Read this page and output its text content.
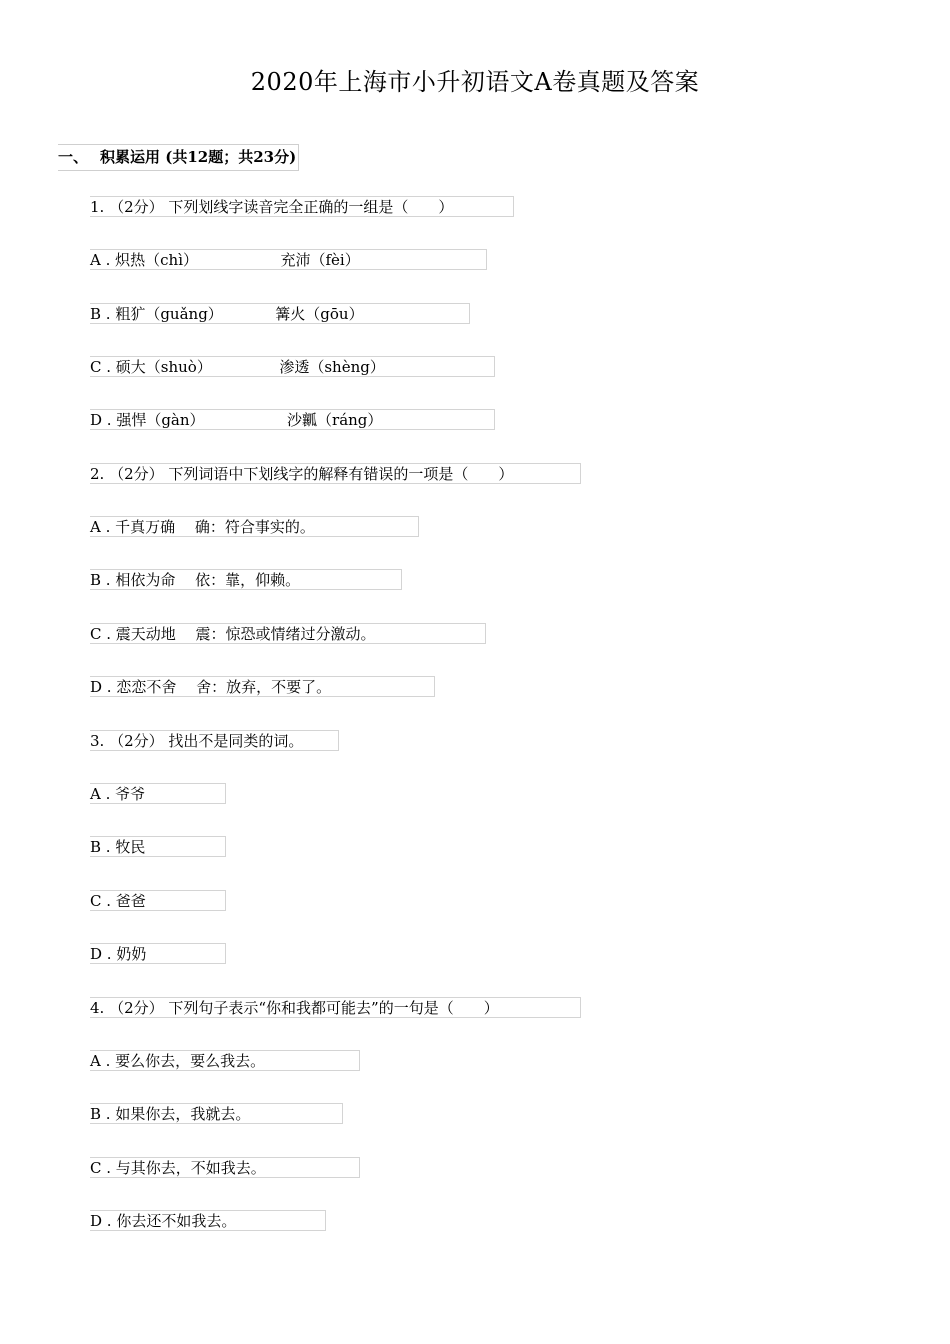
2020年上海市小升初语文A卷真题及答案
一、 积累运用 (共12题；共23分)
1. （2分） 下列划线字读音完全正确的一组是（　　）
A . 炽热（chì）　　　　　　充沛（fèi）
B . 粗犷（guǎng）　　　　篝火（gōu）
C . 硕大（shuò）　　　　　渗透（shèng）
D . 强悍（gàn）　　　　　　沙瓤（ráng）
2. （2分） 下列词语中下划线字的解释有错误的一项是（　　）
A . 千真万确　 确：符合事实的。
B . 相依为命　 依：靠，仰赖。
C . 震天动地　 震：惊恐或情绪过分激动。
D . 恋恋不舍　 舍：放弃，不要了。
3. （2分） 找出不是同类的词。
A . 爷爷
B . 牧民
C . 爸爸
D . 奶奶
4. （2分） 下列句子表示“你和我都可能去”的一句是（　　）
A . 要么你去，要么我去。
B . 如果你去，我就去。
C . 与其你去，不如我去。
D . 你去还不如我去。
